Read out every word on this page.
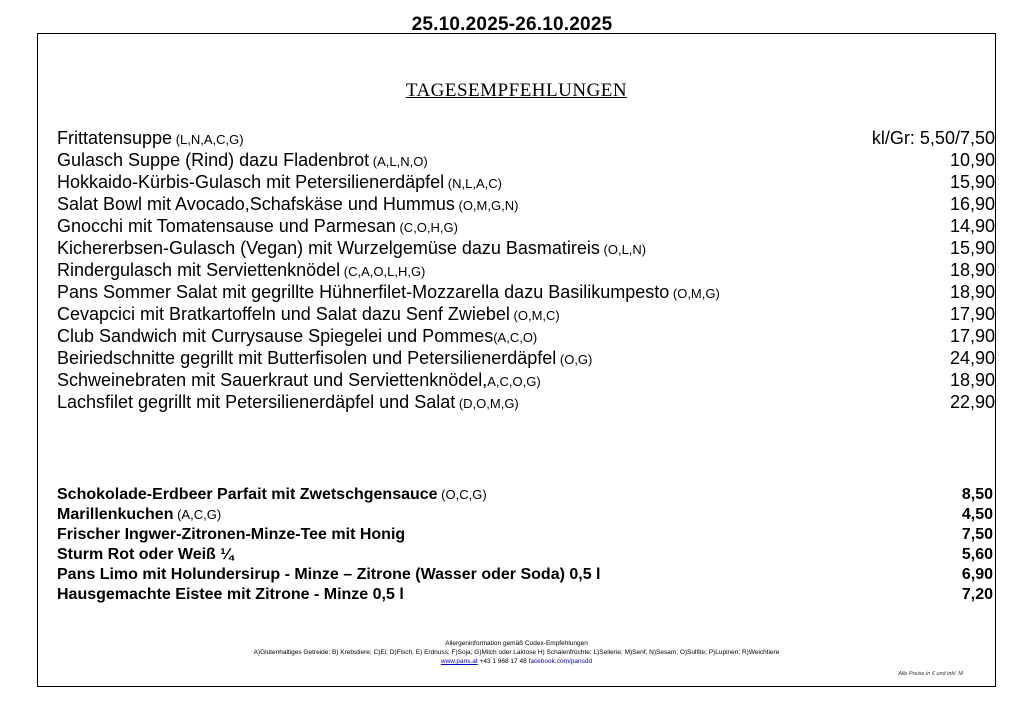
25.10.2025-26.10.2025
TAGESEMPFEHLUNGEN
Frittatensuppe (L,N,A,C,G)	kl/Gr: 5,50/7,50
Gulasch Suppe (Rind) dazu Fladenbrot (A,L,N,O)	10,90
Hokkaido-Kürbis-Gulasch mit Petersilienerdäpfel (N,L,A,C)	15,90
Salat Bowl mit Avocado,Schafskäse und Hummus (O,M,G,N)	16,90
Gnocchi mit Tomatensause und Parmesan (C,O,H,G)	14,90
Kichererbsen-Gulasch (Vegan) mit Wurzelgemüse dazu Basmatireis (O,L,N)	15,90
Rindergulasch mit Serviettenknödel (C,A,O,L,H,G)	18,90
Pans Sommer Salat mit gegrillte Hühnerfilet-Mozzarella dazu Basilikumpesto (O,M,G)	18,90
Cevapcici mit Bratkartoffeln und Salat dazu Senf Zwiebel (O,M,C)	17,90
Club Sandwich mit Currysause Spiegelei und Pommes(A,C,O)	17,90
Beiriedschnitte gegrillt mit Butterfisolen und Petersilienerdäpfel (O,G)	24,90
Schweinebraten mit Sauerkraut und Serviettenknödel,A,C,O,G)	18,90
Lachsfilet gegrillt mit Petersilienerdäpfel und Salat (D,O,M,G)	22,90
Schokolade-Erdbeer Parfait mit Zwetschgensauce (O,C,G)	8,50
Marillenkuchen (A,C,G)	4,50
Frischer Ingwer-Zitronen-Minze-Tee mit Honig	7,50
Sturm Rot oder Weiß ¼	5,60
Pans Limo mit Holundersirup - Minze – Zitrone (Wasser oder Soda) 0,5 l	6,90
Hausgemachte Eistee mit Zitrone - Minze 0,5 l	7,20
Allergeninformation gemäß Codex-Empfehlungen
A)Glutenhaltiges Getreide; B) Krebstiere; C)Ei; D)Fisch; E) Erdnuss; F)Soja; G)Milch oder Laktose H) Schalenfrüchte; L)Sellerie; M)Senf; N)Sesam; O)Sulfite; P)Lupinen; R)Weichtiere
www.pans.at +43 1 968 17 48 facebook.com/pansdd
Alle Preise in € und inkl. M
